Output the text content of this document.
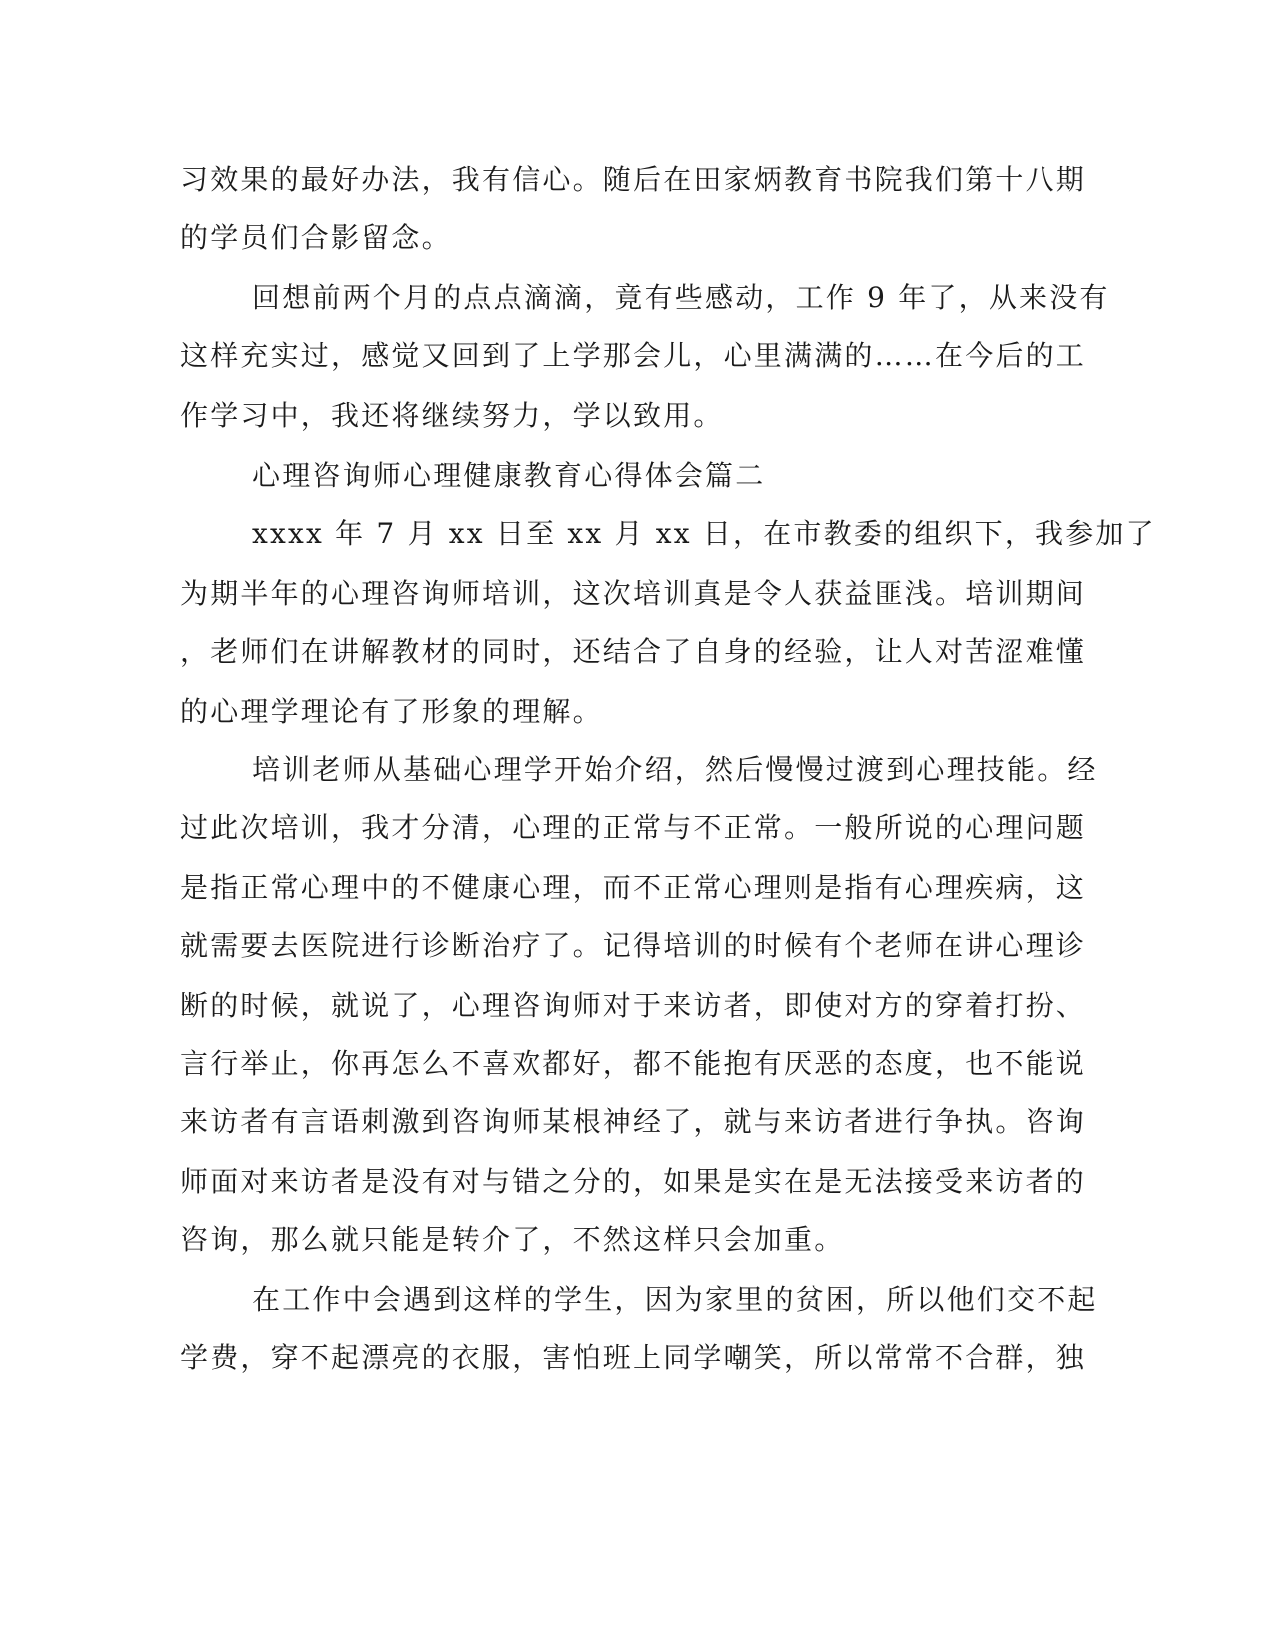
习效果的最好办法，我有信心。随后在田家炳教育书院我们第十八期
的学员们合影留念。
回想前两个月的点点滴滴，竟有些感动，工作 9 年了，从来没有
这样充实过，感觉又回到了上学那会儿，心里满满的……在今后的工
作学习中，我还将继续努力，学以致用。
心理咨询师心理健康教育心得体会篇二
xxxx 年 7 月 xx 日至 xx 月 xx 日，在市教委的组织下，我参加了
为期半年的心理咨询师培训，这次培训真是令人获益匪浅。培训期间
，老师们在讲解教材的同时，还结合了自身的经验，让人对苦涩难懂
的心理学理论有了形象的理解。
培训老师从基础心理学开始介绍，然后慢慢过渡到心理技能。经
过此次培训，我才分清，心理的正常与不正常。一般所说的心理问题
是指正常心理中的不健康心理，而不正常心理则是指有心理疾病，这
就需要去医院进行诊断治疗了。记得培训的时候有个老师在讲心理诊
断的时候，就说了，心理咨询师对于来访者，即使对方的穿着打扮、
言行举止，你再怎么不喜欢都好，都不能抱有厌恶的态度，也不能说
来访者有言语刺激到咨询师某根神经了，就与来访者进行争执。咨询
师面对来访者是没有对与错之分的，如果是实在是无法接受来访者的
咨询，那么就只能是转介了，不然这样只会加重。
在工作中会遇到这样的学生，因为家里的贫困，所以他们交不起
学费，穿不起漂亮的衣服，害怕班上同学嘲笑，所以常常不合群，独
